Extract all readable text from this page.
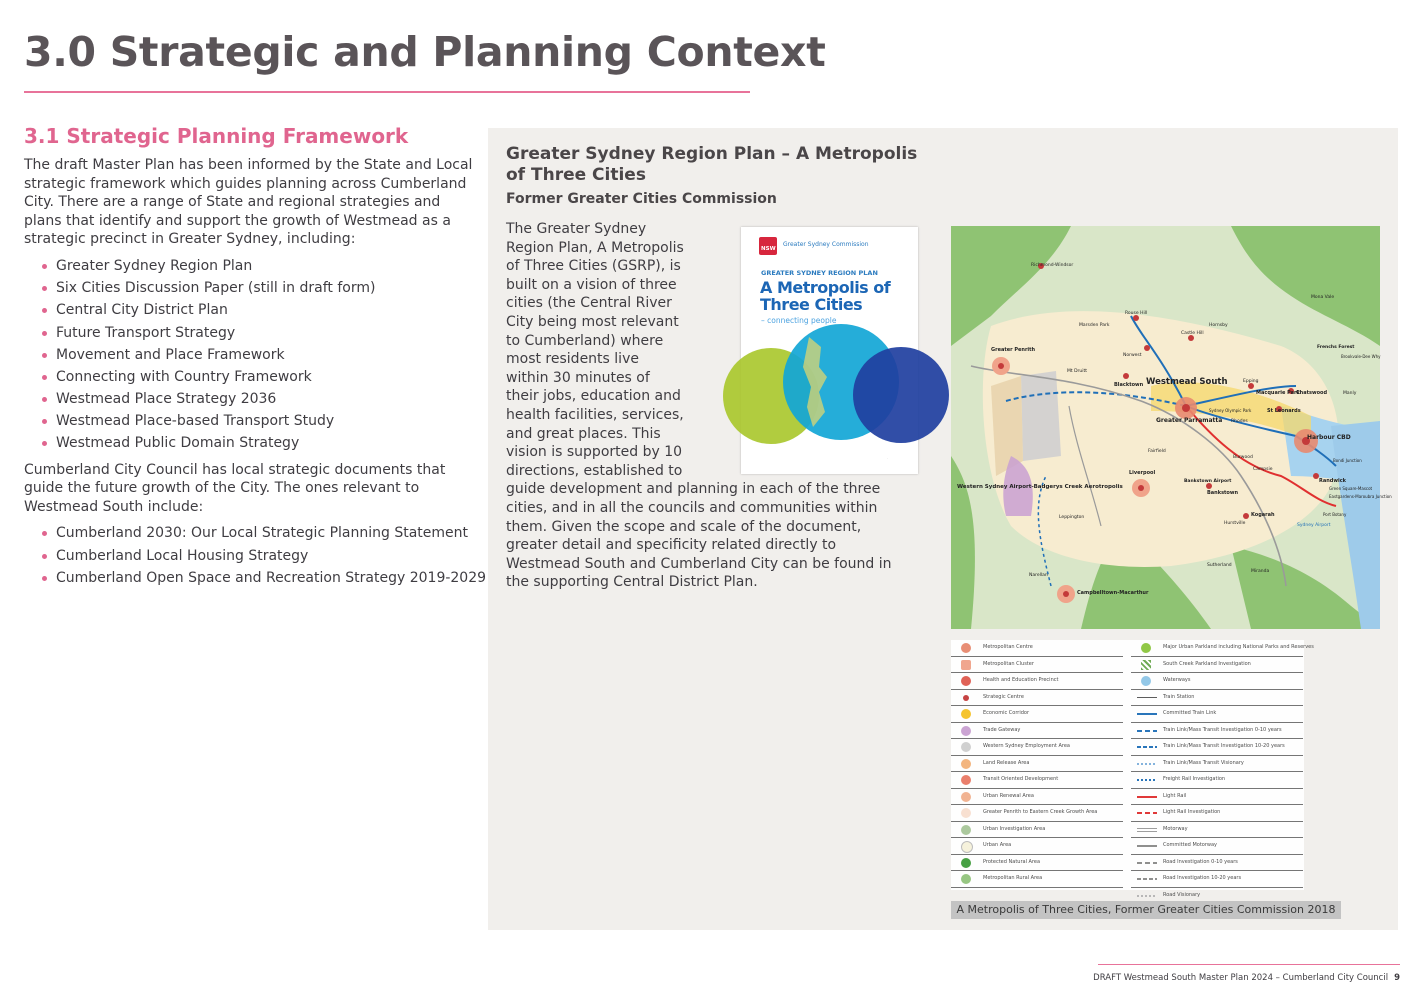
3.0 Strategic and Planning Context
3.1 Strategic Planning Framework

The draft Master Plan has been informed by the State and Local strategic framework which guides planning across Cumberland City. There are a range of State and regional strategies and plans that identify and support the growth of Westmead as a strategic precinct in Greater Sydney, including:

Greater Sydney Region Plan
Six Cities Discussion Paper (still in draft form)
Central City District Plan
Future Transport Strategy
Movement and Place Framework
Connecting with Country Framework
Westmead Place Strategy 2036
Westmead Place-based Transport Study
Westmead Public Domain Strategy

Cumberland City Council has local strategic documents that guide the future growth of the City. The ones relevant to Westmead South include:

Cumberland 2030: Our Local Strategic Planning Statement
Cumberland Local Housing Strategy
Cumberland Open Space and Recreation Strategy 2019-2029
Greater Sydney Region Plan – A Metropolis of Three Cities
Former Greater Cities Commission
The Greater Sydney Region Plan, A Metropolis of Three Cities (GSRP), is built on a vision of three cities (the Central River City being most relevant to Cumberland) where most residents live within 30 minutes of their jobs, education and health facilities, services, and great places. This vision is supported by 10 directions, established to guide development and planning in each of the three cities, and in all the councils and communities within them. Given the scope and scale of the document, greater detail and specificity related directly to Westmead South and Cumberland City can be found in the supporting Central District Plan.
NSW
·
Greater Sydney Commission
GREATER SYDNEY REGION PLAN
A Metropolis of Three Cities
– connecting people
Westmead South
Greater Parramatta
Harbour CBD
Western Sydney Airport-Badgerys Creek Aerotropolis
Greater Penrith
Liverpool
Blacktown
Campbelltown-Macarthur
Macquarie Park
Chatswood
St Leonards
Bankstown
Bankstown Airport
Kogarah
Randwick
Sydney Airport
Norwest
Rouse Hill
Castle Hill
Hornsby
Frenchs Forest
Mona Vale
Brookvale-Dee Why
Manly
Marsden Park
Mt Druitt
Richmond-Windsor
Leppington
Narellan
Sutherland
Miranda
Hurstville
Fairfield
Burwood
Campsie
Rhodes
Epping
Sydney Olympic Park
Green Square-Mascot
Bondi Junction
Eastgardens-Maroubra Junction
Port Botany
Metropolitan Centre
Metropolitan Cluster
Health and Education Precinct
Strategic Centre
Economic Corridor
Trade Gateway
Western Sydney Employment Area
Land Release Area
Transit Oriented Development
Urban Renewal Area
Greater Penrith to Eastern Creek Growth Area
Urban Investigation Area
Urban Area
Protected Natural Area
Metropolitan Rural Area
Major Urban Parkland including National Parks and Reserves
South Creek Parkland Investigation
Waterways
Train Station
Committed Train Link
Train Link/Mass Transit Investigation 0-10 years
Train Link/Mass Transit Investigation 10-20 years
Train Link/Mass Transit Visionary
Freight Rail Investigation
Light Rail
Light Rail Investigation
Motorway
Committed Motorway
Road Investigation 0-10 years
Road Investigation 10-20 years
Road Visionary
A Metropolis of Three Cities, Former Greater Cities Commission 2018
DRAFT Westmead South Master Plan 2024 – Cumberland City Council 9
